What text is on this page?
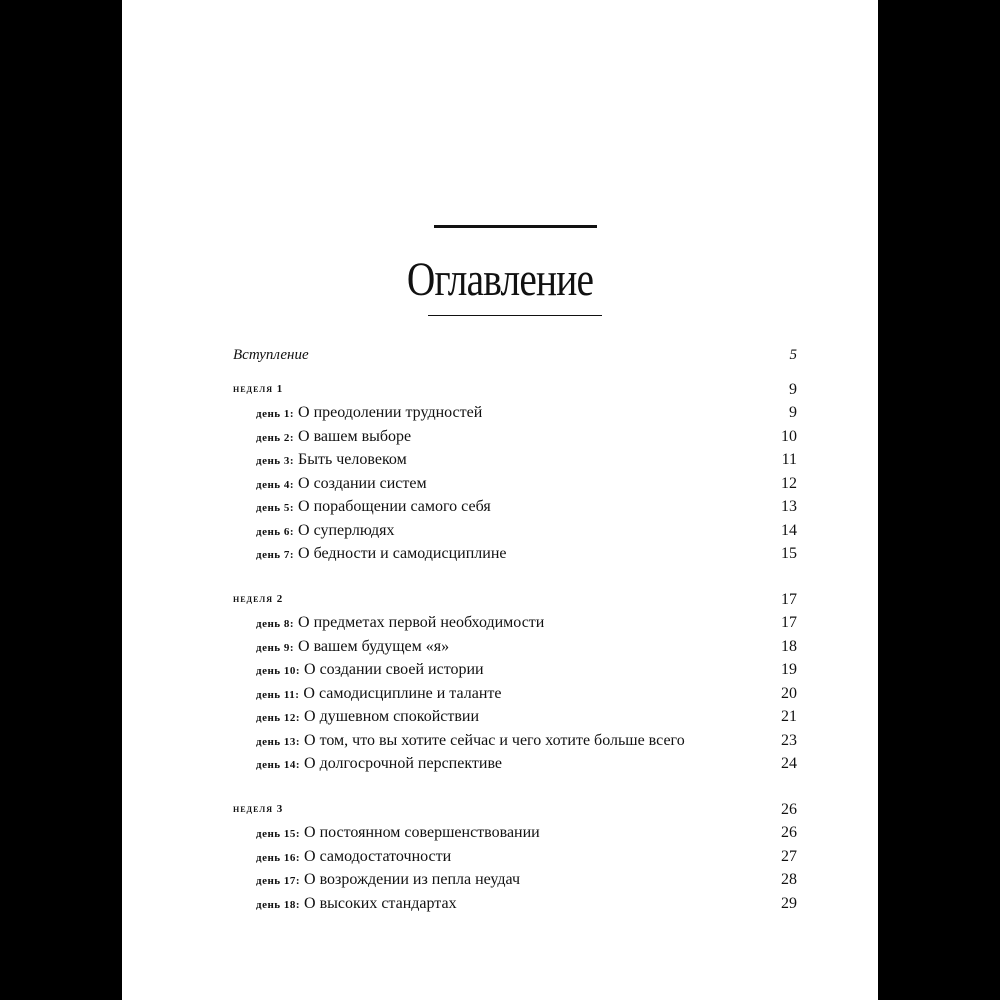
Оглавление
Вступление	5
неделя 1	9
день 1: О преодолении трудностей	9
день 2: О вашем выборе	10
день 3: Быть человеком	11
день 4: О создании систем	12
день 5: О порабощении самого себя	13
день 6: О суперлюдях	14
день 7: О бедности и самодисциплине	15
неделя 2	17
день 8: О предметах первой необходимости	17
день 9: О вашем будущем «я»	18
день 10: О создании своей истории	19
день 11: О самодисциплине и таланте	20
день 12: О душевном спокойствии	21
день 13: О том, что вы хотите сейчас и чего хотите больше всего	23
день 14: О долгосрочной перспективе	24
неделя 3	26
день 15: О постоянном совершенствовании	26
день 16: О самодостаточности	27
день 17: О возрождении из пепла неудач	28
день 18: О высоких стандартах	29
